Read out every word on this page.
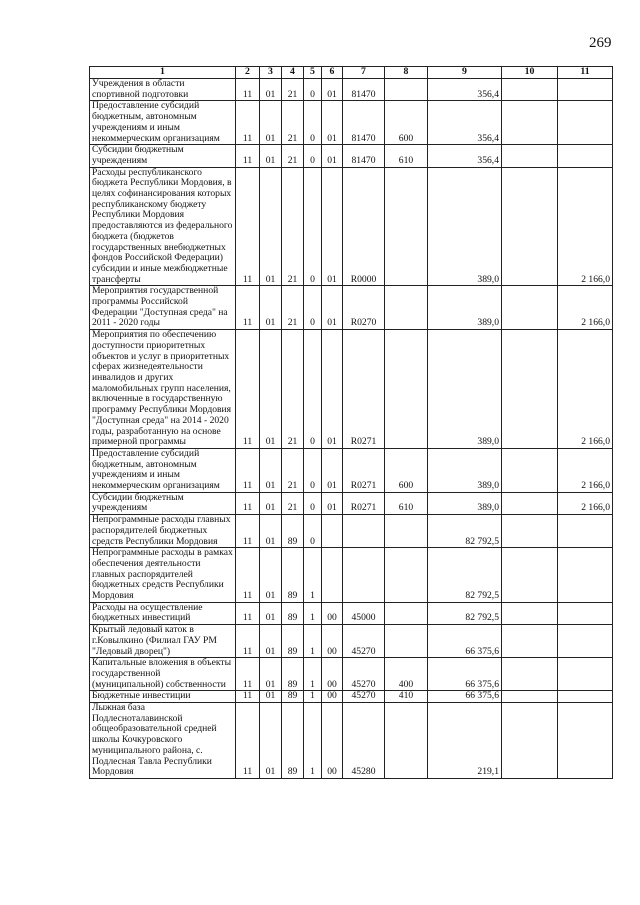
269
1	2	3	4	5	6	7	8	9	10	11
Учреждения в области спортивной подготовки	11	01	21	0	01	81470		356,4		
Предоставление субсидий бюджетным, автономным учреждениям и иным некоммерческим организациям	11	01	21	0	01	81470	600	356,4		
Субсидии бюджетным учреждениям	11	01	21	0	01	81470	610	356,4		
Расходы республиканского бюджета Республики Мордовия, в целях софинансирования которых республиканскому бюджету Республики Мордовия предоставляются из федерального бюджета (бюджетов государственных внебюджетных фондов Российской Федерации) субсидии и иные межбюджетные трансферты	11	01	21	0	01	R0000		389,0		2 166,0
Мероприятия государственной программы Российской Федерации "Доступная среда" на 2011 - 2020 годы	11	01	21	0	01	R0270		389,0		2 166,0
Мероприятия по обеспечению доступности приоритетных объектов и услуг в приоритетных сферах жизнедеятельности инвалидов и других маломобильных групп населения, включенные в государственную программу Республики Мордовия "Доступная среда" на 2014 - 2020 годы, разработанную на основе примерной программы	11	01	21	0	01	R0271		389,0		2 166,0
Предоставление субсидий бюджетным, автономным учреждениям и иным некоммерческим организациям	11	01	21	0	01	R0271	600	389,0		2 166,0
Субсидии бюджетным учреждениям	11	01	21	0	01	R0271	610	389,0		2 166,0
Непрограммные расходы главных распорядителей бюджетных средств Республики Мордовия	11	01	89	0				82 792,5		
Непрограммные расходы в рамках обеспечения деятельности главных распорядителей бюджетных средств Республики Мордовия	11	01	89	1				82 792,5		
Расходы на осуществление бюджетных инвестиций	11	01	89	1	00	45000		82 792,5		
Крытый ледовый каток в г.Ковылкино (Филиал ГАУ РМ "Ледовый дворец")	11	01	89	1	00	45270		66 375,6		
Капитальные вложения в объекты государственной (муниципальной) собственности	11	01	89	1	00	45270	400	66 375,6		
Бюджетные инвестиции	11	01	89	1	00	45270	410	66 375,6		
Лыжная база Подлесноталавинской общеобразовательной средней школы Кочкуровского муниципального района, с. Подлесная Тавла Республики Мордовия	11	01	89	1	00	45280		219,1		
